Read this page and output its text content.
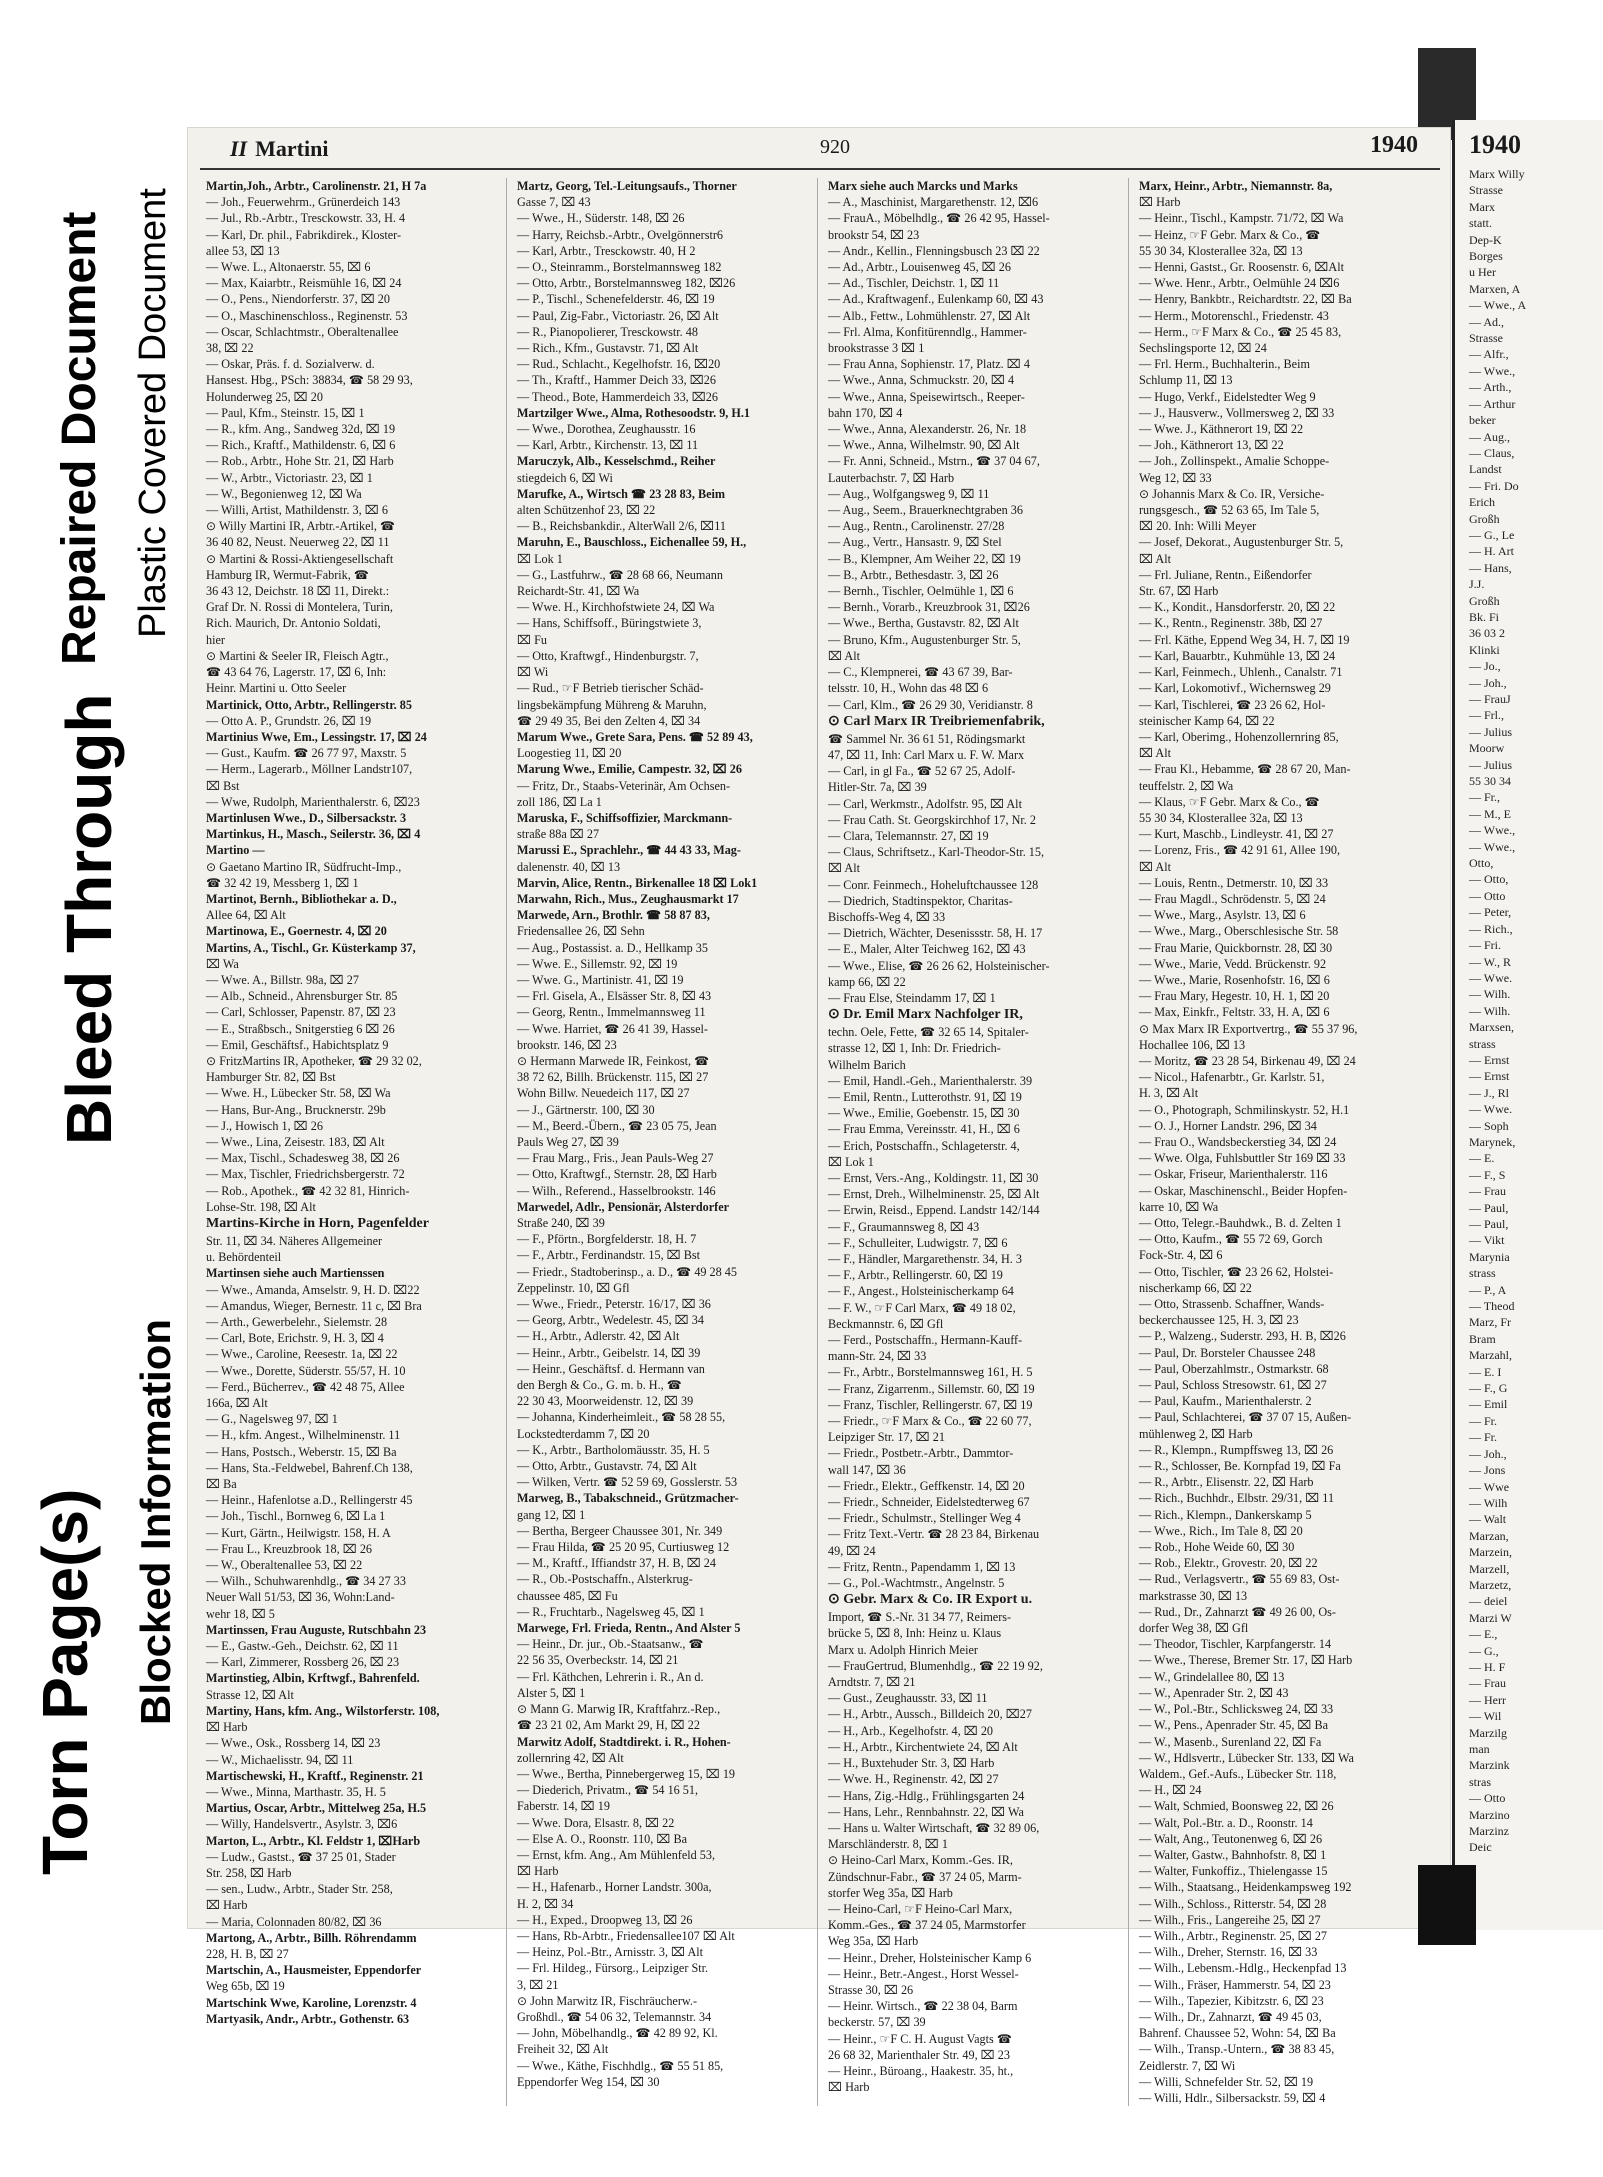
Torn Page(s) Blocked Information
Bleed Through
Repaired Document Plastic Covered Document
II Martini	920	1940
Martin,Joh., Arbtr., Carolinenstr. 21, H 7a
— Joh., Feuerwehrm., Grünerdeich 143
— Jul., Rb.-Arbtr., Tresckowstr. 33, H. 4
— Karl, Dr. phil., Fabrikdirek., Kloster-
allee 53, ⌧ 13
— Wwe. L., Altonaerstr. 55, ⌧ 6
— Max, Kaiarbtr., Reismühle 16, ⌧ 24
— O., Pens., Niendorferstr. 37, ⌧ 20
— O., Maschinenschloss., Reginenstr. 53
— Oscar, Schlachtmstr., Oberaltenallee
38, ⌧ 22
— Oskar, Präs. f. d. Sozialverw. d.
Hansest. Hbg., PSch: 38834, ☎ 58 29 93,
Holunderweg 25, ⌧ 20
— Paul, Kfm., Steinstr. 15, ⌧ 1
— R., kfm. Ang., Sandweg 32d, ⌧ 19
— Rich., Kraftf., Mathildenstr. 6, ⌧ 6
— Rob., Arbtr., Hohe Str. 21, ⌧ Harb
— W., Arbtr., Victoriastr. 23, ⌧ 1
— W., Begonienweg 12, ⌧ Wa
— Willi, Artist, Mathildenstr. 3, ⌧ 6
⊙ Willy Martini IR, Arbtr.-Artikel, ☎
36 40 82, Neust. Neuerweg 22, ⌧ 11
⊙ Martini & Rossi-Aktiengesellschaft
Hamburg IR, Wermut-Fabrik, ☎
36 43 12, Deichstr. 18 ⌧ 11, Direkt.:
Graf Dr. N. Rossi di Montelera, Turin,
Rich. Maurich, Dr. Antonio Soldati,
hier
⊙ Martini & Seeler IR, Fleisch Agtr.,
☎ 43 64 76, Lagerstr. 17, ⌧ 6, Inh:
Heinr. Martini u. Otto Seeler
Martinick, Otto, Arbtr., Rellingerstr. 85
— Otto A. P., Grundstr. 26, ⌧ 19
Martinius Wwe, Em., Lessingstr. 17, ⌧ 24
— Gust., Kaufm. ☎ 26 77 97, Maxstr. 5
— Herm., Lagerarb., Möllner Landstr107,
⌧ Bst
— Wwe, Rudolph, Marienthalerstr. 6, ⌧23
Martinlusen Wwe., D., Silbersackstr. 3
Martinkus, H., Masch., Seilerstr. 36, ⌧ 4
Martino —
⊙ Gaetano Martino IR, Südfrucht-Imp.,
☎ 32 42 19, Messberg 1, ⌧ 1
Martinot, Bernh., Bibliothekar a. D.,
Allee 64, ⌧ Alt
Martinowa, E., Goernestr. 4, ⌧ 20
Martins, A., Tischl., Gr. Küsterkamp 37,
⌧ Wa
— Wwe. A., Billstr. 98a, ⌧ 27
— Alb., Schneid., Ahrensburger Str. 85
— Carl, Schlosser, Papenstr. 87, ⌧ 23
— E., Straßbsch., Snitgerstieg 6 ⌧ 26
— Emil, Geschäftsf., Habichtsplatz 9
⊙ FritzMartins IR, Apotheker, ☎ 29 32 02,
Hamburger Str. 82, ⌧ Bst
— Wwe. H., Lübecker Str. 58, ⌧ Wa
— Hans, Bur-Ang., Brucknerstr. 29b
— J., Howisch 1, ⌧ 26
— Wwe., Lina, Zeisestr. 183, ⌧ Alt
— Max, Tischl., Schadesweg 38, ⌧ 26
— Max, Tischler, Friedrichsbergerstr. 72
— Rob., Apothek., ☎ 42 32 81, Hinrich-
Lohse-Str. 198, ⌧ Alt
Martins-Kirche in Horn, Pagenfelder
Str. 11, ⌧ 34. Näheres Allgemeiner
u. Behördenteil
Martinsen siehe auch Martienssen
— Wwe., Amanda, Amselstr. 9, H. D. ⌧22
— Amandus, Wieger, Bernestr. 11 c, ⌧ Bra
— Arth., Gewerbelehr., Sielemstr. 28
— Carl, Bote, Erichstr. 9, H. 3, ⌧ 4
— Wwe., Caroline, Reesestr. 1a, ⌧ 22
— Wwe., Dorette, Süderstr. 55/57, H. 10
— Ferd., Bücherrev., ☎ 42 48 75, Allee
166a, ⌧ Alt
— G., Nagelsweg 97, ⌧ 1
— H., kfm. Angest., Wilhelminenstr. 11
— Hans, Postsch., Weberstr. 15, ⌧ Ba
— Hans, Sta.-Feldwebel, Bahrenf.Ch 138,
⌧ Ba
— Heinr., Hafenlotse a.D., Rellingerstr 45
— Joh., Tischl., Bornweg 6, ⌧ La 1
— Kurt, Gärtn., Heilwigstr. 158, H. A
— Frau L., Kreuzbrook 18, ⌧ 26
— W., Oberaltenallee 53, ⌧ 22
— Wilh., Schuhwarenhdlg., ☎ 34 27 33
Neuer Wall 51/53, ⌧ 36, Wohn:Land-
wehr 18, ⌧ 5
Martinssen, Frau Auguste, Rutschbahn 23
— E., Gastw.-Geh., Deichstr. 62, ⌧ 11
— Karl, Zimmerer, Rossberg 26, ⌧ 23
Martinstieg, Albin, Krftwgf., Bahrenfeld.
Strasse 12, ⌧ Alt
Martiny, Hans, kfm. Ang., Wilstorferstr. 108,
⌧ Harb
— Wwe., Osk., Rossberg 14, ⌧ 23
— W., Michaelisstr. 94, ⌧ 11
Martischewski, H., Kraftf., Reginenstr. 21
— Wwe., Minna, Marthastr. 35, H. 5
Martius, Oscar, Arbtr., Mittelweg 25a, H.5
— Willy, Handelsvertr., Asylstr. 3, ⌧6
Marton, L., Arbtr., Kl. Feldstr 1, ⌧Harb
— Ludw., Gastst., ☎ 37 25 01, Stader
Str. 258, ⌧ Harb
— sen., Ludw., Arbtr., Stader Str. 258,
⌧ Harb
— Maria, Colonnaden 80/82, ⌧ 36
Martong, A., Arbtr., Billh. Röhrendamm
228, H. B, ⌧ 27
Martschin, A., Hausmeister, Eppendorfer
Weg 65b, ⌧ 19
Martschink Wwe, Karoline, Lorenzstr. 4
Martyasik, Andr., Arbtr., Gothenstr. 63
Martz, Georg, Tel.-Leitungsaufs., Thorner
Gasse 7, ⌧ 43
— Wwe., H., Süderstr. 148, ⌧ 26
— Harry, Reichsb.-Arbtr., Ovelgönnerstr6
— Karl, Arbtr., Tresckowstr. 40, H 2
— O., Steinramm., Borstelmannsweg 182
— Otto, Arbtr., Borstelmannsweg 182, ⌧26
— P., Tischl., Schenefelderstr. 46, ⌧ 19
— Paul, Zig-Fabr., Victoriastr. 26, ⌧ Alt
— R., Pianopolierer, Tresckowstr. 48
— Rich., Kfm., Gustavstr. 71, ⌧ Alt
— Rud., Schlacht., Kegelhofstr. 16, ⌧20
— Th., Kraftf., Hammer Deich 33, ⌧26
— Theod., Bote, Hammerdeich 33, ⌧26
Martzilger Wwe., Alma, Rothesoodstr. 9, H.1
— Wwe., Dorothea, Zeughausstr. 16
— Karl, Arbtr., Kirchenstr. 13, ⌧ 11
Maruczyk, Alb., Kesselschmd., Reiher
stiegdeich 6, ⌧ Wi
Marufke, A., Wirtsch ☎ 23 28 83, Beim
alten Schützenhof 23, ⌧ 22
— B., Reichsbankdir., AlterWall 2/6, ⌧11
Maruhn, E., Bauschloss., Eichenallee 59, H.,
⌧ Lok 1
— G., Lastfuhrw., ☎ 28 68 66, Neumann
Reichardt-Str. 41, ⌧ Wa
— Wwe. H., Kirchhofstwiete 24, ⌧ Wa
— Hans, Schiffsoff., Büringstwiete 3,
⌧ Fu
— Otto, Kraftwgf., Hindenburgstr. 7,
⌧ Wi
— Rud., ☞F Betrieb tierischer Schäd-
lingsbekämpfung Mühreng & Maruhn,
☎ 29 49 35, Bei den Zelten 4, ⌧ 34
Marum Wwe., Grete Sara, Pens. ☎ 52 89 43,
Loogestieg 11, ⌧ 20
Marung Wwe., Emilie, Campestr. 32, ⌧ 26
— Fritz, Dr., Staabs-Veterinär, Am Ochsen-
zoll 186, ⌧ La 1
Maruska, F., Schiffsoffizier, Marckmann-
straße 88a ⌧ 27
Marussi E., Sprachlehr., ☎ 44 43 33, Mag-
dalenenstr. 40, ⌧ 13
Marvin, Alice, Rentn., Birkenallee 18 ⌧ Lok1
Marwahn, Rich., Mus., Zeughausmarkt 17
Marwede, Arn., Brothlr. ☎ 58 87 83,
Friedensallee 26, ⌧ Sehn
— Aug., Postassist. a. D., Hellkamp 35
— Wwe. E., Sillemstr. 92, ⌧ 19
— Wwe. G., Martinistr. 41, ⌧ 19
— Frl. Gisela, A., Elsässer Str. 8, ⌧ 43
— Georg, Rentn., Immelmannsweg 11
— Wwe. Harriet, ☎ 26 41 39, Hassel-
brookstr. 146, ⌧ 23
⊙ Hermann Marwede IR, Feinkost, ☎
38 72 62, Billh. Brückenstr. 115, ⌧ 27
Wohn Billw. Neuedeich 117, ⌧ 27
— J., Gärtnerstr. 100, ⌧ 30
— M., Beerd.-Übern., ☎ 23 05 75, Jean
Pauls Weg 27, ⌧ 39
— Frau Marg., Fris., Jean Pauls-Weg 27
— Otto, Kraftwgf., Sternstr. 28, ⌧ Harb
— Wilh., Referend., Hasselbrookstr. 146
Marwedel, Adlr., Pensionär, Alsterdorfer
Straße 240, ⌧ 39
— F., Pförtn., Borgfelderstr. 18, H. 7
— F., Arbtr., Ferdinandstr. 15, ⌧ Bst
— Friedr., Stadtoberinsp., a. D., ☎ 49 28 45
Zeppelinstr. 10, ⌧ Gfl
— Wwe., Friedr., Peterstr. 16/17, ⌧ 36
— Georg, Arbtr., Wedelestr. 45, ⌧ 34
— H., Arbtr., Adlerstr. 42, ⌧ Alt
— Heinr., Arbtr., Geibelstr. 14, ⌧ 39
— Heinr., Geschäftsf. d. Hermann van
den Bergh & Co., G. m. b. H., ☎
22 30 43, Moorweidenstr. 12, ⌧ 39
— Johanna, Kinderheimleit., ☎ 58 28 55,
Lockstedterdamm 7, ⌧ 20
— K., Arbtr., Bartholomäusstr. 35, H. 5
— Otto, Arbtr., Gustavstr. 74, ⌧ Alt
— Wilken, Vertr. ☎ 52 59 69, Gosslerstr. 53
Marweg, B., Tabakschneid., Grützmacher-
gang 12, ⌧ 1
— Bertha, Bergeer Chaussee 301, Nr. 349
— Frau Hilda, ☎ 25 20 95, Curtiusweg 12
— M., Kraftf., Iffiandstr 37, H. B, ⌧ 24
— R., Ob.-Postschaffn., Alsterkrug-
chaussee 485, ⌧ Fu
— R., Fruchtarb., Nagelsweg 45, ⌧ 1
Marwege, Frl. Frieda, Rentn., And Alster 5
— Heinr., Dr. jur., Ob.-Staatsanw., ☎
22 56 35, Overbeckstr. 14, ⌧ 21
— Frl. Käthchen, Lehrerin i. R., An d.
Alster 5, ⌧ 1
⊙ Mann G. Marwig IR, Kraftfahrz.-Rep.,
☎ 23 21 02, Am Markt 29, H, ⌧ 22
Marwitz Adolf, Stadtdirekt. i. R., Hohen-
zollernring 42, ⌧ Alt
— Wwe., Bertha, Pinnebergerweg 15, ⌧ 19
— Diederich, Privatm., ☎ 54 16 51,
Faberstr. 14, ⌧ 19
— Wwe. Dora, Elsastr. 8, ⌧ 22
— Else A. O., Roonstr. 110, ⌧ Ba
— Ernst, kfm. Ang., Am Mühlenfeld 53,
⌧ Harb
— H., Hafenarb., Horner Landstr. 300a,
H. 2, ⌧ 34
— H., Exped., Droopweg 13, ⌧ 26
— Hans, Rb-Arbtr., Friedensallee107 ⌧ Alt
— Heinz, Pol.-Btr., Arnisstr. 3, ⌧ Alt
— Frl. Hildeg., Fürsorg., Leipziger Str.
3, ⌧ 21
⊙ John Marwitz IR, Fischräucherw.-
Großhdl., ☎ 54 06 32, Telemannstr. 34
— John, Möbelhandlg., ☎ 42 89 92, Kl.
Freiheit 32, ⌧ Alt
— Wwe., Käthe, Fischhdlg., ☎ 55 51 85,
Eppendorfer Weg 154, ⌧ 30
Marx siehe auch Marcks und Marks
— A., Maschinist, Margarethenstr. 12, ⌧6
— FrauA., Möbelhdlg., ☎ 26 42 95, Hassel-
brookstr 54, ⌧ 23
— Andr., Kellin., Flenningsbusch 23 ⌧ 22
— Ad., Arbtr., Louisenweg 45, ⌧ 26
— Ad., Tischler, Deichstr. 1, ⌧ 11
— Ad., Kraftwagenf., Eulenkamp 60, ⌧ 43
— Alb., Fettw., Lohmühlenstr. 27, ⌧ Alt
— Frl. Alma, Konfitürenndlg., Hammer-
brookstrasse 3 ⌧ 1
— Frau Anna, Sophienstr. 17, Platz. ⌧ 4
— Wwe., Anna, Schmuckstr. 20, ⌧ 4
— Wwe., Anna, Speisewirtsch., Reeper-
bahn 170, ⌧ 4
— Wwe., Anna, Alexanderstr. 26, Nr. 18
— Wwe., Anna, Wilhelmstr. 90, ⌧ Alt
— Fr. Anni, Schneid., Mstrn., ☎ 37 04 67,
Lauterbachstr. 7, ⌧ Harb
— Aug., Wolfgangsweg 9, ⌧ 11
— Aug., Seem., Brauerknechtgraben 36
— Aug., Rentn., Carolinenstr. 27/28
— Aug., Vertr., Hansastr. 9, ⌧ Stel
— B., Klempner, Am Weiher 22, ⌧ 19
— B., Arbtr., Bethesdastr. 3, ⌧ 26
— Bernh., Tischler, Oelmühle 1, ⌧ 6
— Bernh., Vorarb., Kreuzbrook 31, ⌧26
— Wwe., Bertha, Gustavstr. 82, ⌧ Alt
— Bruno, Kfm., Augustenburger Str. 5,
⌧ Alt
— C., Klempnerei, ☎ 43 67 39, Bar-
telsstr. 10, H., Wohn das 48 ⌧ 6
— Carl, Klm., ☎ 26 29 30, Veridianstr. 8
⊙ Carl Marx IR Treibriemenfabrik,
☎ Sammel Nr. 36 61 51, Rödingsmarkt
47, ⌧ 11, Inh: Carl Marx u. F. W. Marx
— Carl, in gl Fa., ☎ 52 67 25, Adolf-
Hitler-Str. 7a, ⌧ 39
— Carl, Werkmstr., Adolfstr. 95, ⌧ Alt
— Frau Cath. St. Georgskirchhof 17, Nr. 2
— Clara, Telemannstr. 27, ⌧ 19
— Claus, Schriftsetz., Karl-Theodor-Str. 15,
⌧ Alt
— Conr. Feinmech., Hoheluftchaussee 128
— Diedrich, Stadtinspektor, Charitas-
Bischoffs-Weg 4, ⌧ 33
— Dietrich, Wächter, Desenissstr. 58, H. 17
— E., Maler, Alter Teichweg 162, ⌧ 43
— Wwe., Elise, ☎ 26 26 62, Holsteinischer-
kamp 66, ⌧ 22
— Frau Else, Steindamm 17, ⌧ 1
⊙ Dr. Emil Marx Nachfolger IR,
techn. Oele, Fette, ☎ 32 65 14, Spitaler-
strasse 12, ⌧ 1, Inh: Dr. Friedrich-
Wilhelm Barich
— Emil, Handl.-Geh., Marienthalerstr. 39
— Emil, Rentn., Lutterothstr. 91, ⌧ 19
— Wwe., Emilie, Goebenstr. 15, ⌧ 30
— Frau Emma, Vereinsstr. 41, H., ⌧ 6
— Erich, Postschaffn., Schlageterstr. 4,
⌧ Lok 1
— Ernst, Vers.-Ang., Koldingstr. 11, ⌧ 30
— Ernst, Dreh., Wilhelminenstr. 25, ⌧ Alt
— Erwin, Reisd., Eppend. Landstr 142/144
— F., Graumannsweg 8, ⌧ 43
— F., Schulleiter, Ludwigstr. 7, ⌧ 6
— F., Händler, Margarethenstr. 34, H. 3
— F., Arbtr., Rellingerstr. 60, ⌧ 19
— F., Angest., Holsteinischerkamp 64
— F. W., ☞F Carl Marx, ☎ 49 18 02,
Beckmannstr. 6, ⌧ Gfl
— Ferd., Postschaffn., Hermann-Kauff-
mann-Str. 24, ⌧ 33
— Fr., Arbtr., Borstelmannsweg 161, H. 5
— Franz, Zigarrenm., Sillemstr. 60, ⌧ 19
— Franz, Tischler, Rellingerstr. 67, ⌧ 19
— Friedr., ☞F Marx & Co., ☎ 22 60 77,
Leipziger Str. 17, ⌧ 21
— Friedr., Postbetr.-Arbtr., Dammtor-
wall 147, ⌧ 36
— Friedr., Elektr., Geffkenstr. 14, ⌧ 20
— Friedr., Schneider, Eidelstedterweg 67
— Friedr., Schulmstr., Stellinger Weg 4
— Fritz Text.-Vertr. ☎ 28 23 84, Birkenau
49, ⌧ 24
— Fritz, Rentn., Papendamm 1, ⌧ 13
— G., Pol.-Wachtmstr., Angelnstr. 5
⊙ Gebr. Marx & Co. IR Export u.
Import, ☎ S.-Nr. 31 34 77, Reimers-
brücke 5, ⌧ 8, Inh: Heinz u. Klaus
Marx u. Adolph Hinrich Meier
— FrauGertrud, Blumenhdlg., ☎ 22 19 92,
Arndtstr. 7, ⌧ 21
— Gust., Zeughausstr. 33, ⌧ 11
— H., Arbtr., Aussch., Billdeich 20, ⌧27
— H., Arb., Kegelhofstr. 4, ⌧ 20
— H., Arbtr., Kirchentwiete 24, ⌧ Alt
— H., Buxtehuder Str. 3, ⌧ Harb
— Wwe. H., Reginenstr. 42, ⌧ 27
— Hans, Zig.-Hdlg., Frühlingsgarten 24
— Hans, Lehr., Rennbahnstr. 22, ⌧ Wa
— Hans u. Walter Wirtschaft, ☎ 32 89 06,
Marschländerstr. 8, ⌧ 1
⊙ Heino-Carl Marx, Komm.-Ges. IR,
Zündschnur-Fabr., ☎ 37 24 05, Marm-
storfer Weg 35a, ⌧ Harb
— Heino-Carl, ☞F Heino-Carl Marx,
Komm.-Ges., ☎ 37 24 05, Marmstorfer
Weg 35a, ⌧ Harb
— Heinr., Dreher, Holsteinischer Kamp 6
— Heinr., Betr.-Angest., Horst Wessel-
Strasse 30, ⌧ 26
— Heinr. Wirtsch., ☎ 22 38 04, Barm
beckerstr. 57, ⌧ 39
— Heinr., ☞F C. H. August Vagts ☎
26 68 32, Marienthaler Str. 49, ⌧ 23
— Heinr., Büroang., Haakestr. 35, ht.,
⌧ Harb
Marx, Heinr., Arbtr., Niemannstr. 8a,
⌧ Harb
— Heinr., Tischl., Kampstr. 71/72, ⌧ Wa
— Heinz, ☞F Gebr. Marx & Co., ☎
55 30 34, Klosterallee 32a, ⌧ 13
— Henni, Gastst., Gr. Roosenstr. 6, ⌧Alt
— Wwe. Henr., Arbtr., Oelmühle 24 ⌧6
— Henry, Bankbtr., Reichardtstr. 22, ⌧ Ba
— Herm., Motorenschl., Friedenstr. 43
— Herm., ☞F Marx & Co., ☎ 25 45 83,
Sechslingsporte 12, ⌧ 24
— Frl. Herm., Buchhalterin., Beim
Schlump 11, ⌧ 13
— Hugo, Verkf., Eidelstedter Weg 9
— J., Hausverw., Vollmersweg 2, ⌧ 33
— Wwe. J., Käthnerort 19, ⌧ 22
— Joh., Käthnerort 13, ⌧ 22
— Joh., Zollinspekt., Amalie Schoppe-
Weg 12, ⌧ 33
⊙ Johannis Marx & Co. IR, Versiche-
rungsgesch., ☎ 52 63 65, Im Tale 5,
⌧ 20. Inh: Willi Meyer
— Josef, Dekorat., Augustenburger Str. 5,
⌧ Alt
— Frl. Juliane, Rentn., Eißendorfer
Str. 67, ⌧ Harb
— K., Kondit., Hansdorferstr. 20, ⌧ 22
— K., Rentn., Reginenstr. 38b, ⌧ 27
— Frl. Käthe, Eppend Weg 34, H. 7, ⌧ 19
— Karl, Bauarbtr., Kuhmühle 13, ⌧ 24
— Karl, Feinmech., Uhlenh., Canalstr. 71
— Karl, Lokomotivf., Wichernsweg 29
— Karl, Tischlerei, ☎ 23 26 62, Hol-
steinischer Kamp 64, ⌧ 22
— Karl, Oberimg., Hohenzollernring 85,
⌧ Alt
— Frau Kl., Hebamme, ☎ 28 67 20, Man-
teuffelstr. 2, ⌧ Wa
— Klaus, ☞F Gebr. Marx & Co., ☎
55 30 34, Klosterallee 32a, ⌧ 13
— Kurt, Maschb., Lindleystr. 41, ⌧ 27
— Lorenz, Fris., ☎ 42 91 61, Allee 190,
⌧ Alt
— Louis, Rentn., Detmerstr. 10, ⌧ 33
— Frau Magdl., Schrödenstr. 5, ⌧ 24
— Wwe., Marg., Asylstr. 13, ⌧ 6
— Wwe., Marg., Oberschlesische Str. 58
— Frau Marie, Quickbornstr. 28, ⌧ 30
— Wwe., Marie, Vedd. Brückenstr. 92
— Wwe., Marie, Rosenhofstr. 16, ⌧ 6
— Frau Mary, Hegestr. 10, H. 1, ⌧ 20
— Max, Einkfr., Feltstr. 33, H. A, ⌧ 6
⊙ Max Marx IR Exportvertrg., ☎ 55 37 96,
Hochallee 106, ⌧ 13
— Moritz, ☎ 23 28 54, Birkenau 49, ⌧ 24
— Nicol., Hafenarbtr., Gr. Karlstr. 51,
H. 3, ⌧ Alt
— O., Photograph, Schmilinskystr. 52, H.1
— O. J., Horner Landstr. 296, ⌧ 34
— Frau O., Wandsbeckerstieg 34, ⌧ 24
— Wwe. Olga, Fuhlsbuttler Str 169 ⌧ 33
— Oskar, Friseur, Marienthalerstr. 116
— Oskar, Maschinenschl., Beider Hopfen-
karre 10, ⌧ Wa
— Otto, Telegr.-Bauhdwk., B. d. Zelten 1
— Otto, Kaufm., ☎ 55 72 69, Gorch
Fock-Str. 4, ⌧ 6
— Otto, Tischler, ☎ 23 26 62, Holstei-
nischerkamp 66, ⌧ 22
— Otto, Strassenb. Schaffner, Wands-
beckerchaussee 125, H. 3, ⌧ 23
— P., Walzeng., Suderstr. 293, H. B, ⌧26
— Paul, Dr. Borsteler Chaussee 248
— Paul, Oberzahlmstr., Ostmarkstr. 68
— Paul, Schloss Stresowstr. 61, ⌧ 27
— Paul, Kaufm., Marienthalerstr. 2
— Paul, Schlachterei, ☎ 37 07 15, Außen-
mühlenweg 2, ⌧ Harb
— R., Klempn., Rumpffsweg 13, ⌧ 26
— R., Schlosser, Be. Kornpfad 19, ⌧ Fa
— R., Arbtr., Elisenstr. 22, ⌧ Harb
— Rich., Buchhdr., Elbstr. 29/31, ⌧ 11
— Rich., Klempn., Dankerskamp 5
— Wwe., Rich., Im Tale 8, ⌧ 20
— Rob., Hohe Weide 60, ⌧ 30
— Rob., Elektr., Grovestr. 20, ⌧ 22
— Rud., Verlagsvertr., ☎ 55 69 83, Ost-
markstrasse 30, ⌧ 13
— Rud., Dr., Zahnarzt ☎ 49 26 00, Os-
dorfer Weg 38, ⌧ Gfl
— Theodor, Tischler, Karpfangerstr. 14
— Wwe., Therese, Bremer Str. 17, ⌧ Harb
— W., Grindelallee 80, ⌧ 13
— W., Apenrader Str. 2, ⌧ 43
— W., Pol.-Btr., Schlicksweg 24, ⌧ 33
— W., Pens., Apenrader Str. 45, ⌧ Ba
— W., Masenb., Surenland 22, ⌧ Fa
— W., Hdlsvertr., Lübecker Str. 133, ⌧ Wa
Waldem., Gef.-Aufs., Lübecker Str. 118,
— H., ⌧ 24
— Walt, Schmied, Boonsweg 22, ⌧ 26
— Walt, Pol.-Btr. a. D., Roonstr. 14
— Walt, Ang., Teutonenweg 6, ⌧ 26
— Walter, Gastw., Bahnhofstr. 8, ⌧ 1
— Walter, Funkoffiz., Thielengasse 15
— Wilh., Staatsang., Heidenkampsweg 192
— Wilh., Schloss., Ritterstr. 54, ⌧ 28
— Wilh., Fris., Langereihe 25, ⌧ 27
— Wilh., Arbtr., Reginenstr. 25, ⌧ 27
— Wilh., Dreher, Sternstr. 16, ⌧ 33
— Wilh., Lebensm.-Hdlg., Heckenpfad 13
— Wilh., Fräser, Hammerstr. 54, ⌧ 23
— Wilh., Tapezier, Kibitzstr. 6, ⌧ 23
— Wilh., Dr., Zahnarzt, ☎ 49 45 03,
Bahrenf. Chaussee 52, Wohn: 54, ⌧ Ba
— Wilh., Transp.-Untern., ☎ 38 83 45,
Zeidlerstr. 7, ⌧ Wi
— Willi, Schnefelder Str. 52, ⌧ 19
— Willi, Hdlr., Silbersackstr. 59, ⌧ 4
1940
Marx Willy
Strasse
Marx
statt.
Dep-K
Borges
u Her
Marxen, A
— Wwe., A
— Ad.,
Strasse
— Alfr.,
— Wwe.,
— Arth.,
— Arthur
beker
— Aug.,
— Claus,
Landst
— Fri. Do
Erich
Großh
— G., Le
— H. Art
— Hans,
J.J.
Großh
Bk. Fi
36 03 2
Klinki
— Jo.,
— Joh.,
— FrauJ
— Frl.,
— Julius
Moorw
— Julius
55 30 34
— Fr.,
— M., E
— Wwe.,
— Wwe.,
Otto,
— Otto,
— Otto
— Peter,
— Rich.,
— Fri.
— W., R
— Wwe.
— Wilh.
— Wilh.
Marxsen,
strass
— Ernst
— Ernst
— J., Rl
— Wwe.
— Soph
Marynek,
— E.
— F., S
— Frau
— Paul,
— Paul,
— Vikt
Marynia
strass
— P., A
— Theod
Marz, Fr
Bram
Marzahl,
— E. I
— F., G
— Emil
— Fr.
— Fr.
— Joh.,
— Jons
— Wwe
— Wilh
— Walt
Marzan,
Marzein,
Marzell,
Marzetz,
— deiel
Marzi W
— E.,
— G.,
— H. F
— Frau
— Herr
— Wil
Marzilg
man
Marzink
stras
— Otto
Marzino
Marzinz
Deic
